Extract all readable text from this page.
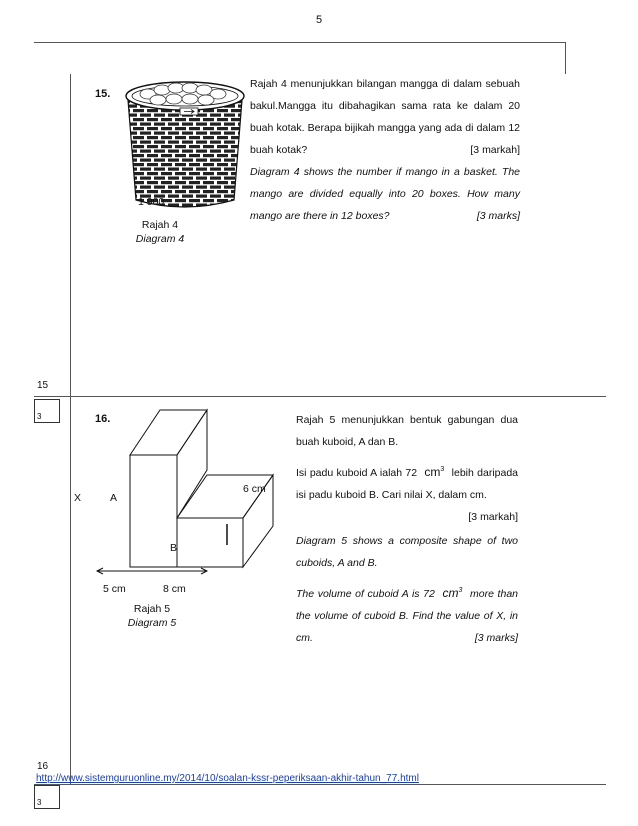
5
15.
1 900
Rajah 4
Diagram 4
Rajah 4 menunjukkan bilangan mangga di dalam sebuah bakul.Mangga itu dibahagikan sama rata ke dalam 20 buah kotak. Berapa bijikah mangga yang ada di dalam 12 buah kotak?	[3 markah]
Diagram 4 shows the number if mango in a basket. The mango are divided equally into 20 boxes. How many mango are there in 12 boxes?	[3 marks]
15
3	16.
X	A
6 cm
B
5 cm	8 cm
Rajah 5
Diagram 5
Rajah 5 menunjukkan bentuk gabungan dua buah kuboid, A dan B.
Isi padu kuboid A ialah 72 $cm^3$ lebih daripada isi padu kuboid B. Cari nilai X, dalam cm.
[3 markah]
Diagram 5 shows a composite shape of two cuboids, A and B.
The volume of cuboid A is 72 $cm^3$ more than the volume of cuboid B. Find the value of X, in cm.	[3 marks]
16
http://www.sistemguruonline.my/2014/10/soalan-kssr-peperiksaan-akhir-tahun_77.html
3
